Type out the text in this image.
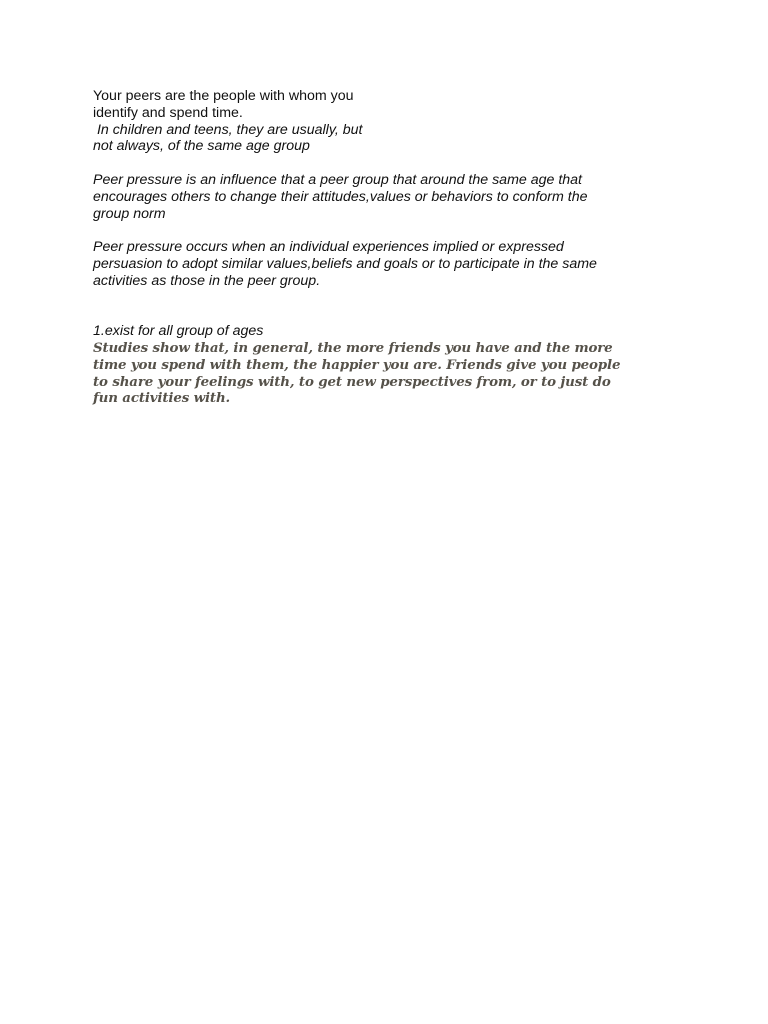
Your peers are the people with whom you
identify and spend time.
In children and teens, they are usually, but
not always, of the same age group
Peer pressure is an influence that a peer group that around the same age that
encourages others to change their attitudes,values or behaviors to conform the
group norm
Peer pressure occurs when an individual experiences implied or expressed
persuasion to adopt similar values,beliefs and goals or to participate in the same
activities as those in the peer group.
1.exist for all group of ages
Studies show that, in general, the more friends you have and the more
time you spend with them, the happier you are. Friends give you people
to share your feelings with, to get new perspectives from, or to just do
fun activities with.
